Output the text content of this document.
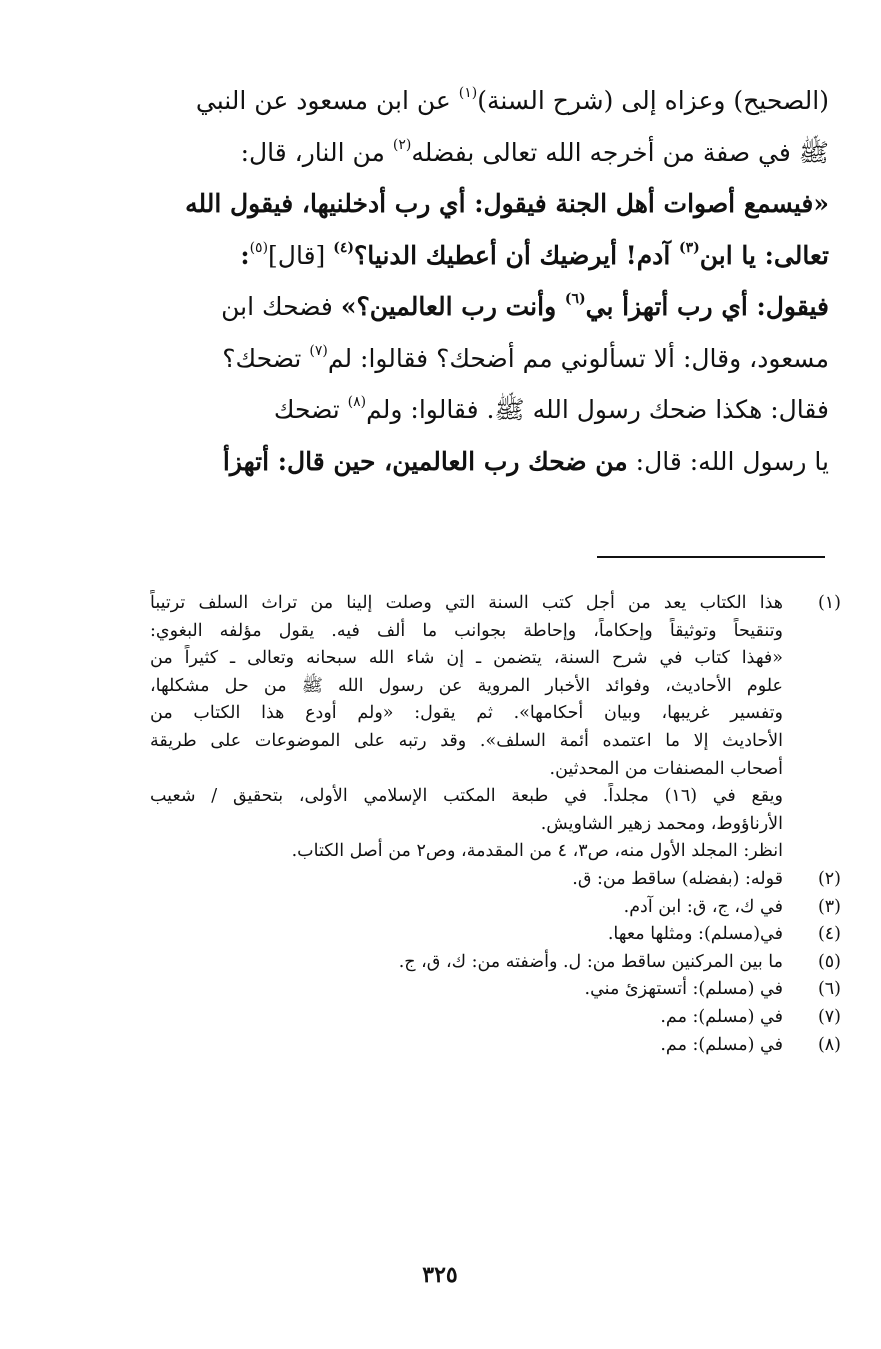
(الصحيح) وعزاه إلى (شرح السنة)$^{(١)}$ عن ابن مسعود عن النبي
ﷺ في صفة من أخرجه الله تعالى بفضله$^{(٢)}$ من النار، قال:
«فيسمع أصوات أهل الجنة فيقول: أي رب أدخلنيها، فيقول الله
تعالى: يا ابن$^{(٣)}$ آدم! أيرضيك أن أعطيك الدنيا؟$^{(٤)}$ [قال]$^{(٥)}$:
فيقول: أي رب أتهزأ بي$^{(٦)}$ وأنت رب العالمين؟» فضحك ابن
مسعود، وقال: ألا تسألوني مم أضحك؟ فقالوا: لم$^{(٧)}$ تضحك؟
فقال: هكذا ضحك رسول الله ﷺ. فقالوا: ولم$^{(٨)}$ تضحك
يا رسول الله: قال: من ضحك رب العالمين، حين قال: أتهزأ
(١)
هذا الكتاب يعد من أجل كتب السنة التي وصلت إلينا من تراث السلف ترتيباً
وتنقيحاً وتوثيقاً وإحكاماً، وإحاطة بجوانب ما ألف فيه. يقول مؤلفه البغوي:
«فهذا كتاب في شرح السنة، يتضمن ـ إن شاء الله سبحانه وتعالى ـ كثيراً من
علوم الأحاديث، وفوائد الأخبار المروية عن رسول الله ﷺ من حل مشكلها،
وتفسير غريبها، وبيان أحكامها». ثم يقول: «ولم أودع هذا الكتاب من
الأحاديث إلا ما اعتمده أئمة السلف». وقد رتبه على الموضوعات على طريقة
أصحاب المصنفات من المحدثين.
ويقع في (١٦) مجلداً. في طبعة المكتب الإسلامي الأولى، بتحقيق / شعيب
الأرناؤوط، ومحمد زهير الشاويش.
انظر: المجلد الأول منه، ص٣، ٤ من المقدمة، وص٢ من أصل الكتاب.
(٢)
قوله: (بفضله) ساقط من: ق.
(٣)
في ك، ج، ق: ابن آدم.
(٤)
في(مسلم): ومثلها معها.
(٥)
ما بين المركنين ساقط من: ل. وأضفته من: ك، ق، ج.
(٦)
في (مسلم): أتستهزئ مني.
(٧)
في (مسلم): مم.
(٨)
في (مسلم): مم.
٣٢٥
